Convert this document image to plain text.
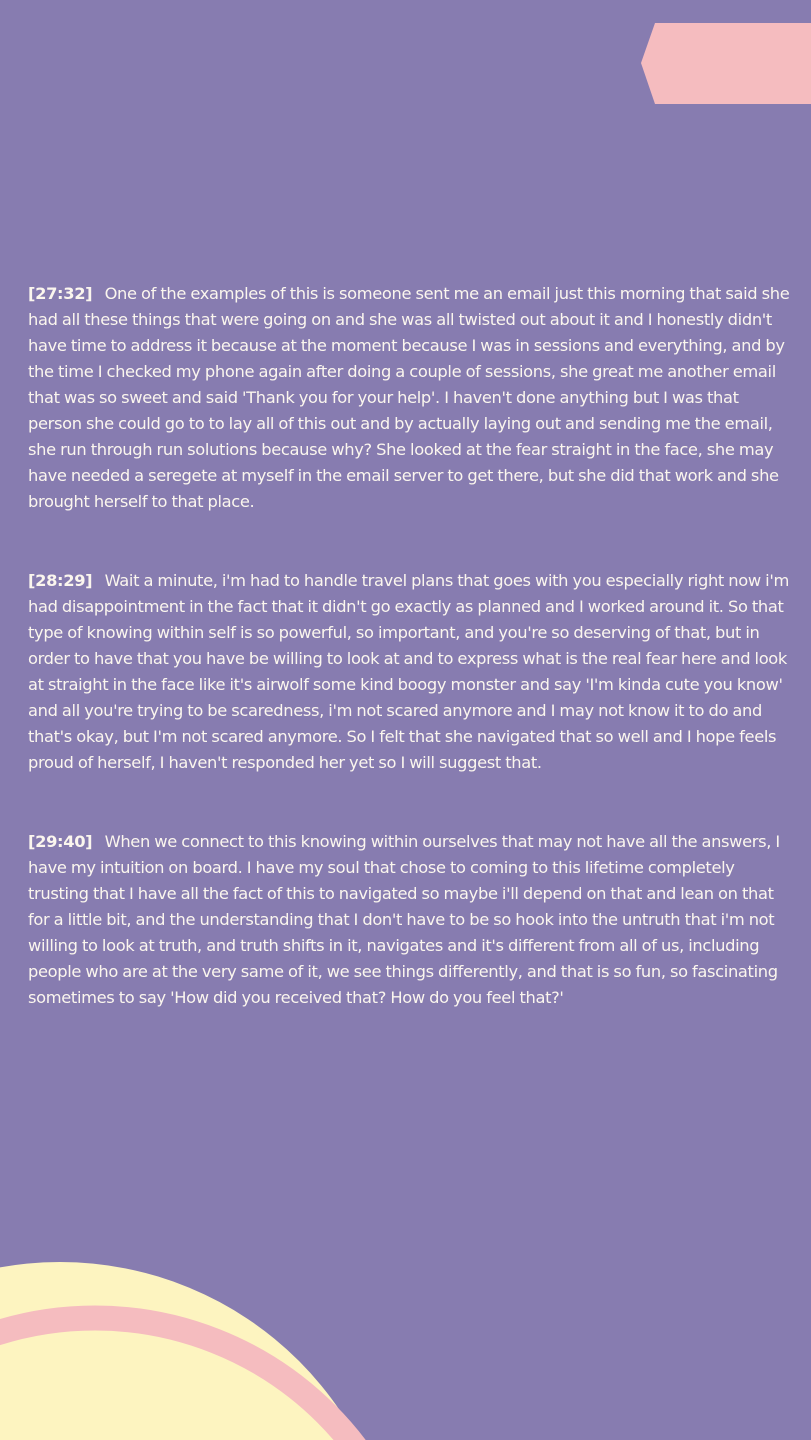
[27:32] One of the examples of this is someone sent me an email just this morning that said she had all these things that were going on and she was all twisted out about it and I honestly didn't have time to address it because at the moment because I was in sessions and everything, and by the time I checked my phone again after doing a couple of sessions, she great me another email that was so sweet and said 'Thank you for your help'. I haven't done anything but I was that person she could go to to lay all of this out and by actually laying out and sending me the email, she run through run solutions because why? She looked at the fear straight in the face, she may have needed a seregete at myself in the email server to get there, but she did that work and she brought herself to that place.

[28:29] Wait a minute, i'm had to handle travel plans that goes with you especially right now i'm had disappointment in the fact that it didn't go exactly as planned and I worked around it. So that type of knowing within self is so powerful, so important, and you're so deserving of that, but in order to have that you have be willing to look at and to express what is the real fear here and look at straight in the face like it's airwolf some kind boogy monster and say 'I'm kinda cute you know' and all you're trying to be scaredness, i'm not scared anymore and I may not know it to do and that's okay, but I'm not scared anymore. So I felt that she navigated that so well and I hope feels proud of herself, I haven't responded her yet so I will suggest that.

[29:40] When we connect to this knowing within ourselves that may not have all the answers, I have my intuition on board. I have my soul that chose to coming to this lifetime completely trusting that I have all the fact of this to navigated so maybe i'll depend on that and lean on that for a little bit, and the understanding that I don't have to be so hook into the untruth that i'm not willing to look at truth, and truth shifts in it, navigates and it's different from all of us, including people who are at the very same of it, we see things differently, and that is so fun, so fascinating sometimes to say 'How did you received that? How do you feel that?'
